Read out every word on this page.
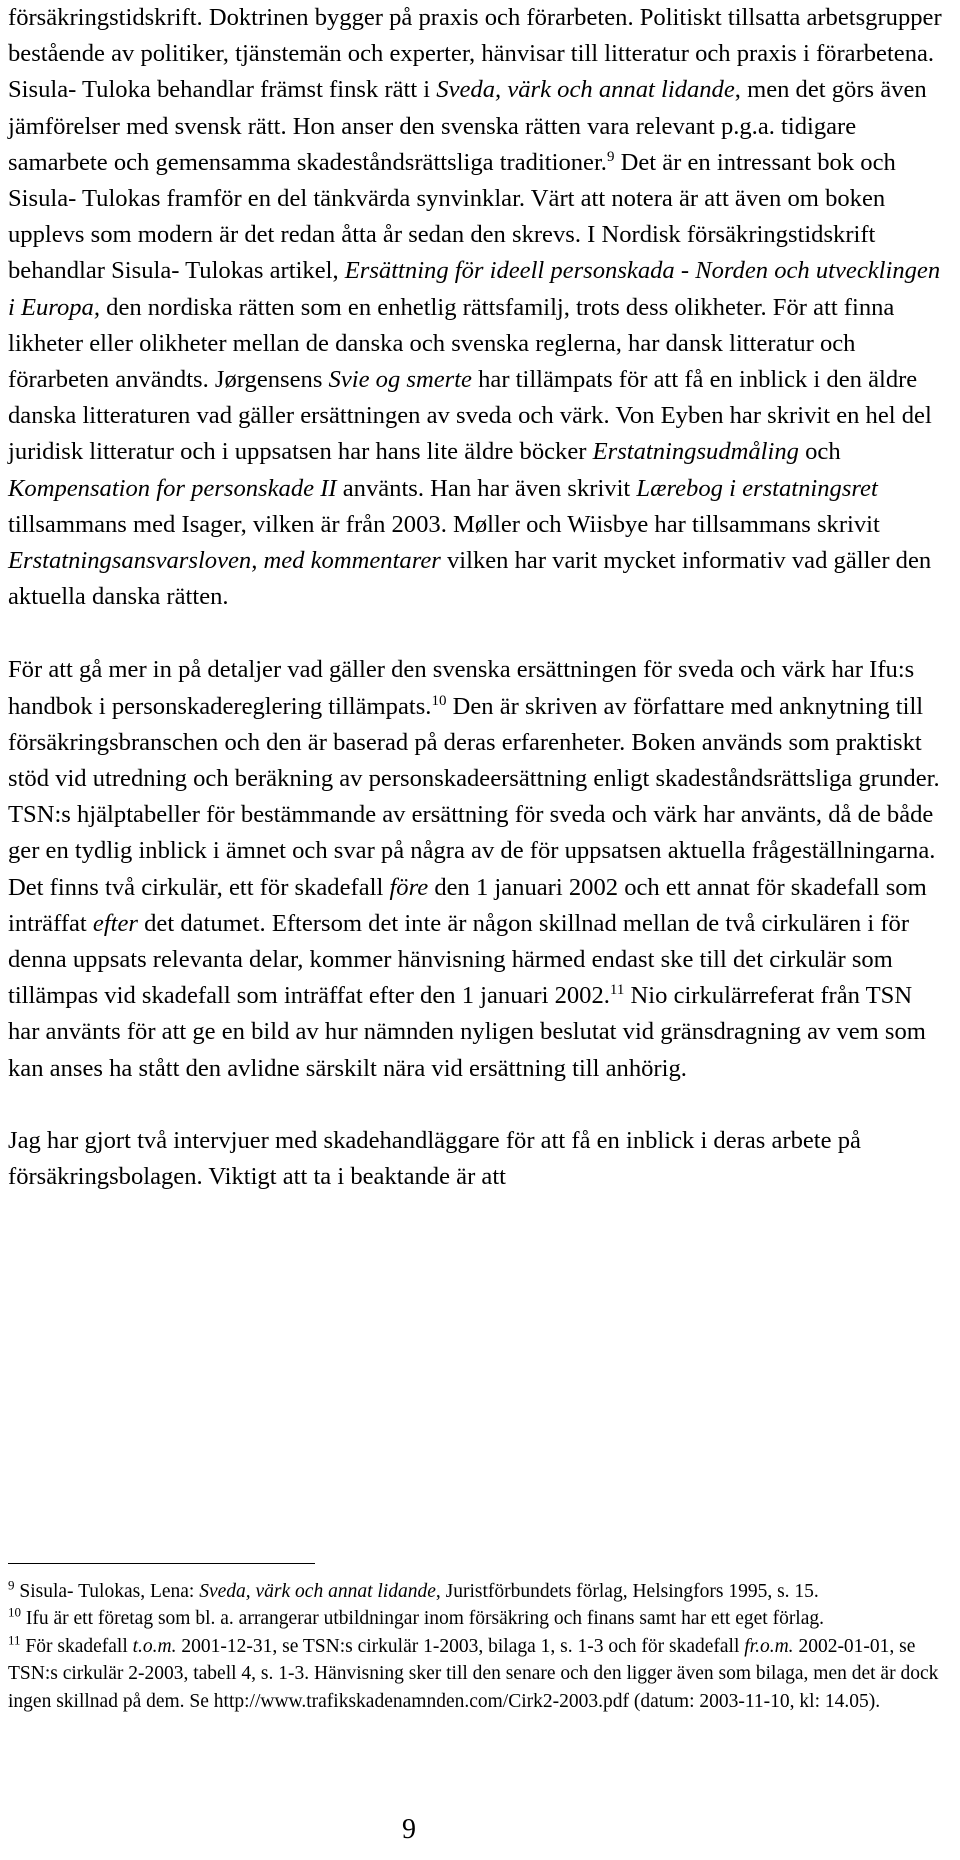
försäkringstidskrift. Doktrinen bygger på praxis och förarbeten. Politiskt tillsatta arbetsgrupper bestående av politiker, tjänstemän och experter, hänvisar till litteratur och praxis i förarbetena. Sisula- Tuloka behandlar främst finsk rätt i Sveda, värk och annat lidande, men det görs även jämförelser med svensk rätt. Hon anser den svenska rätten vara relevant p.g.a. tidigare samarbete och gemensamma skadeståndsrättsliga traditioner.$^9$ Det är en intressant bok och Sisula- Tulokas framför en del tänkvärda synvinklar. Värt att notera är att även om boken upplevs som modern är det redan åtta år sedan den skrevs. I Nordisk försäkringstidskrift behandlar Sisula- Tulokas artikel, Ersättning för ideell personskada - Norden och utvecklingen i Europa, den nordiska rätten som en enhetlig rättsfamilj, trots dess olikheter. För att finna likheter eller olikheter mellan de danska och svenska reglerna, har dansk litteratur och förarbeten användts. Jørgensens Svie og smerte har tillämpats för att få en inblick i den äldre danska litteraturen vad gäller ersättningen av sveda och värk. Von Eyben har skrivit en hel del juridisk litteratur och i uppsatsen har hans lite äldre böcker Erstatningsudmåling och Kompensation for personskade II använts. Han har även skrivit Lærebog i erstatningsret tillsammans med Isager, vilken är från 2003. Møller och Wiisbye har tillsammans skrivit Erstatningsansvarsloven, med kommentarer vilken har varit mycket informativ vad gäller den aktuella danska rätten.

För att gå mer in på detaljer vad gäller den svenska ersättningen för sveda och värk har Ifu:s handbok i personskadereglering tillämpats.$^{10}$ Den är skriven av författare med anknytning till försäkringsbranschen och den är baserad på deras erfarenheter. Boken används som praktiskt stöd vid utredning och beräkning av personskadeersättning enligt skadeståndsrättsliga grunder. TSN:s hjälptabeller för bestämmande av ersättning för sveda och värk har använts, då de både ger en tydlig inblick i ämnet och svar på några av de för uppsatsen aktuella frågeställningarna. Det finns två cirkulär, ett för skadefall före den 1 januari 2002 och ett annat för skadefall som inträffat efter det datumet. Eftersom det inte är någon skillnad mellan de två cirkulären i för denna uppsats relevanta delar, kommer hänvisning härmed endast ske till det cirkulär som tillämpas vid skadefall som inträffat efter den 1 januari 2002.11 Nio cirkulärreferat från TSN har använts för att ge en bild av hur nämnden nyligen beslutat vid gränsdragning av vem som kan anses ha stått den avlidne särskilt nära vid ersättning till anhörig.

Jag har gjort två intervjuer med skadehandläggare för att få en inblick i deras arbete på försäkringsbolagen. Viktigt att ta i beaktande är att

$^9$ Sisula- Tulokas, Lena: Sveda, värk och annat lidande, Juristförbundets förlag, Helsingfors 1995, s. 15.

$^{10}$ Ifu är ett företag som bl. a. arrangerar utbildningar inom försäkring och finans samt har ett eget förlag.

$^{11}$ För skadefall t.o.m. 2001-12-31, se TSN:s cirkulär 1-2003, bilaga 1, s. 1-3 och för skadefall fr.o.m. 2002-01-01, se TSN:s cirkulär 2-2003, tabell 4, s. 1-3. Hänvisning sker till den senare och den ligger även som bilaga, men det är dock ingen skillnad på dem. Se http://www.trafikskadenamnden.com/Cirk2-2003.pdf (datum: 2003-11-10, kl: 14.05).

9
